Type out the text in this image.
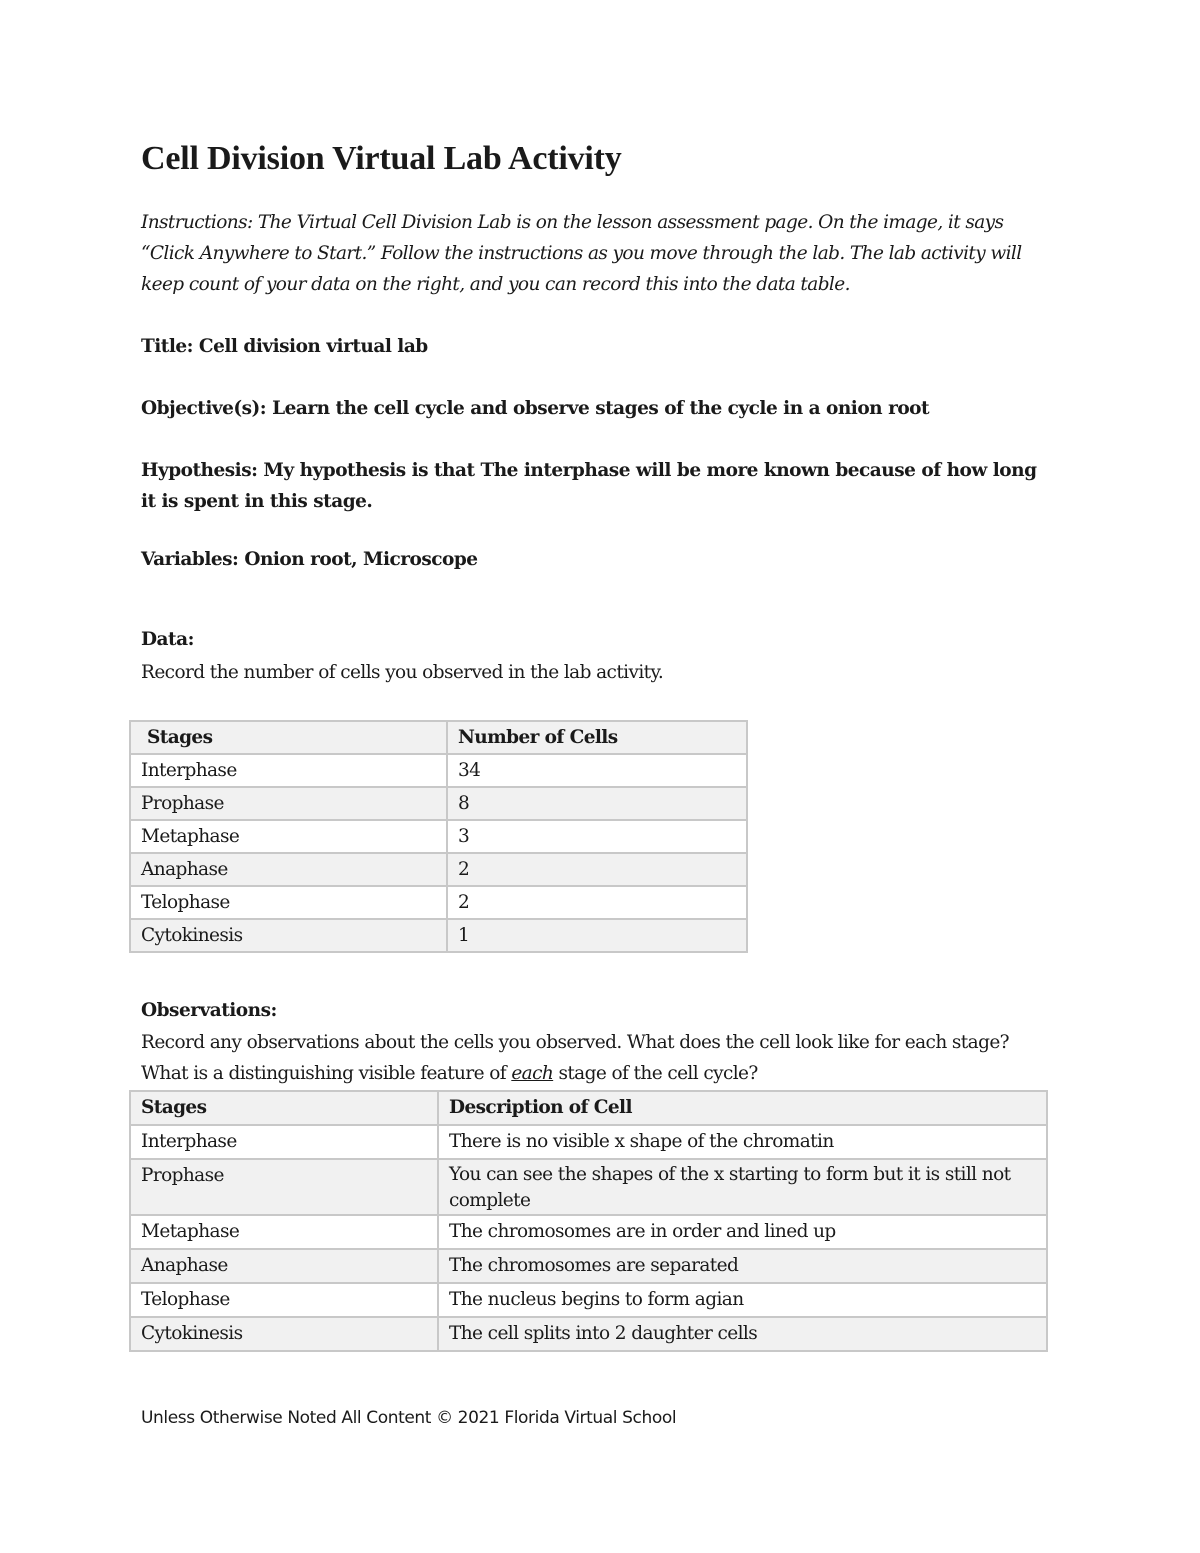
Cell Division Virtual Lab Activity

Instructions: The Virtual Cell Division Lab is on the lesson assessment page. On the image, it says “Click Anywhere to Start.” Follow the instructions as you move through the lab. The lab activity will keep count of your data on the right, and you can record this into the data table.

Title: Cell division virtual lab

Objective(s): Learn the cell cycle and observe stages of the cycle in a onion root

Hypothesis: My hypothesis is that The interphase will be more known because of how long it is spent in this stage.

Variables: Onion root, Microscope

Data:

Record the number of cells you observed in the lab activity.

Stages	Number of Cells
Interphase	34
Prophase	8
Metaphase	3
Anaphase	2
Telophase	2
Cytokinesis	1

Observations:

Record any observations about the cells you observed. What does the cell look like for each stage? What is a distinguishing visible feature of each stage of the cell cycle?

Stages	Description of Cell
Interphase	There is no visible x shape of the chromatin
Prophase	You can see the shapes of the x starting to form but it is still not complete
Metaphase	The chromosomes are in order and lined up
Anaphase	The chromosomes are separated
Telophase	The nucleus begins to form agian
Cytokinesis	The cell splits into 2 daughter cells

Unless Otherwise Noted All Content © 2021 Florida Virtual School
